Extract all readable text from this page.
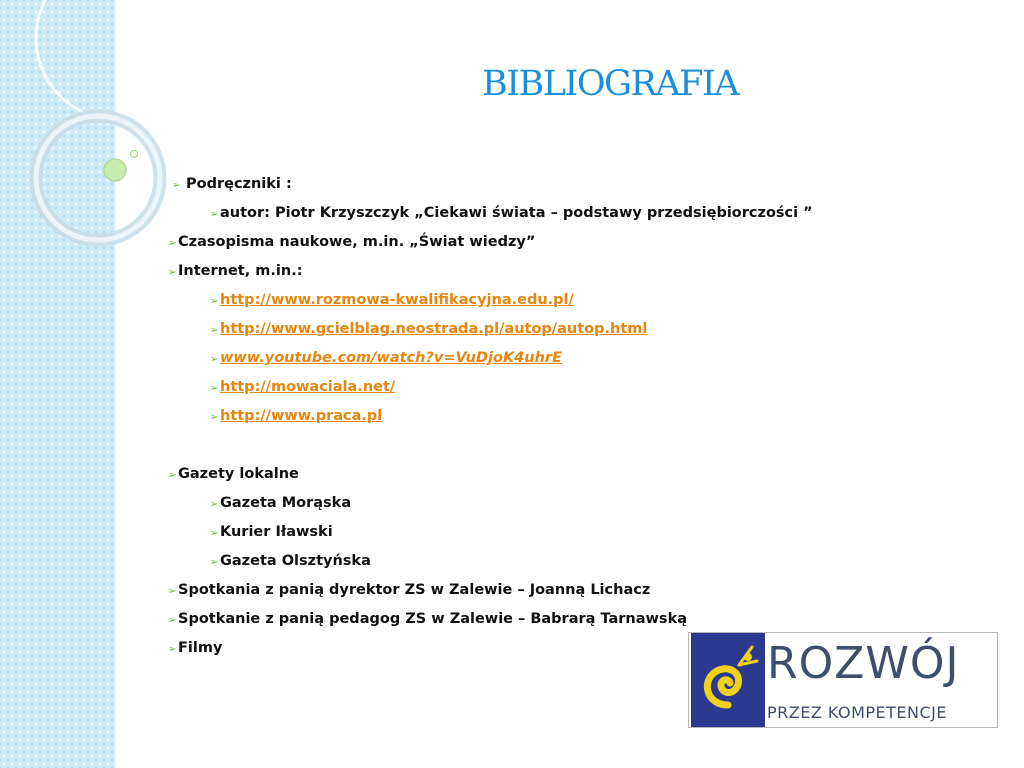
BIBLIOGRAFIA
➢ Podręczniki :
➢ autor: Piotr Krzyszczyk „Ciekawi świata – podstawy przedsiębiorczości ”
➢ Czasopisma naukowe, m.in. „Świat wiedzy”
➢ Internet, m.in.:
➢ http://www.rozmowa-kwalifikacyjna.edu.pl/
➢ http://www.gcielblag.neostrada.pl/autop/autop.html
➢ www.youtube.com/watch?v=VuDjoK4uhrE
➢ http://mowaciala.net/
➢ http://www.praca.pl
➢ Gazety lokalne
➢ Gazeta Morąska
➢ Kurier Iławski
➢ Gazeta Olsztyńska
➢ Spotkania z panią dyrektor ZS w Zalewie – Joanną Lichacz
➢ Spotkanie z panią pedagog ZS w Zalewie – Babrarą Tarnawską
➢ Filmy	ROZWÓJ
PRZEZ KOMPETENCJE
